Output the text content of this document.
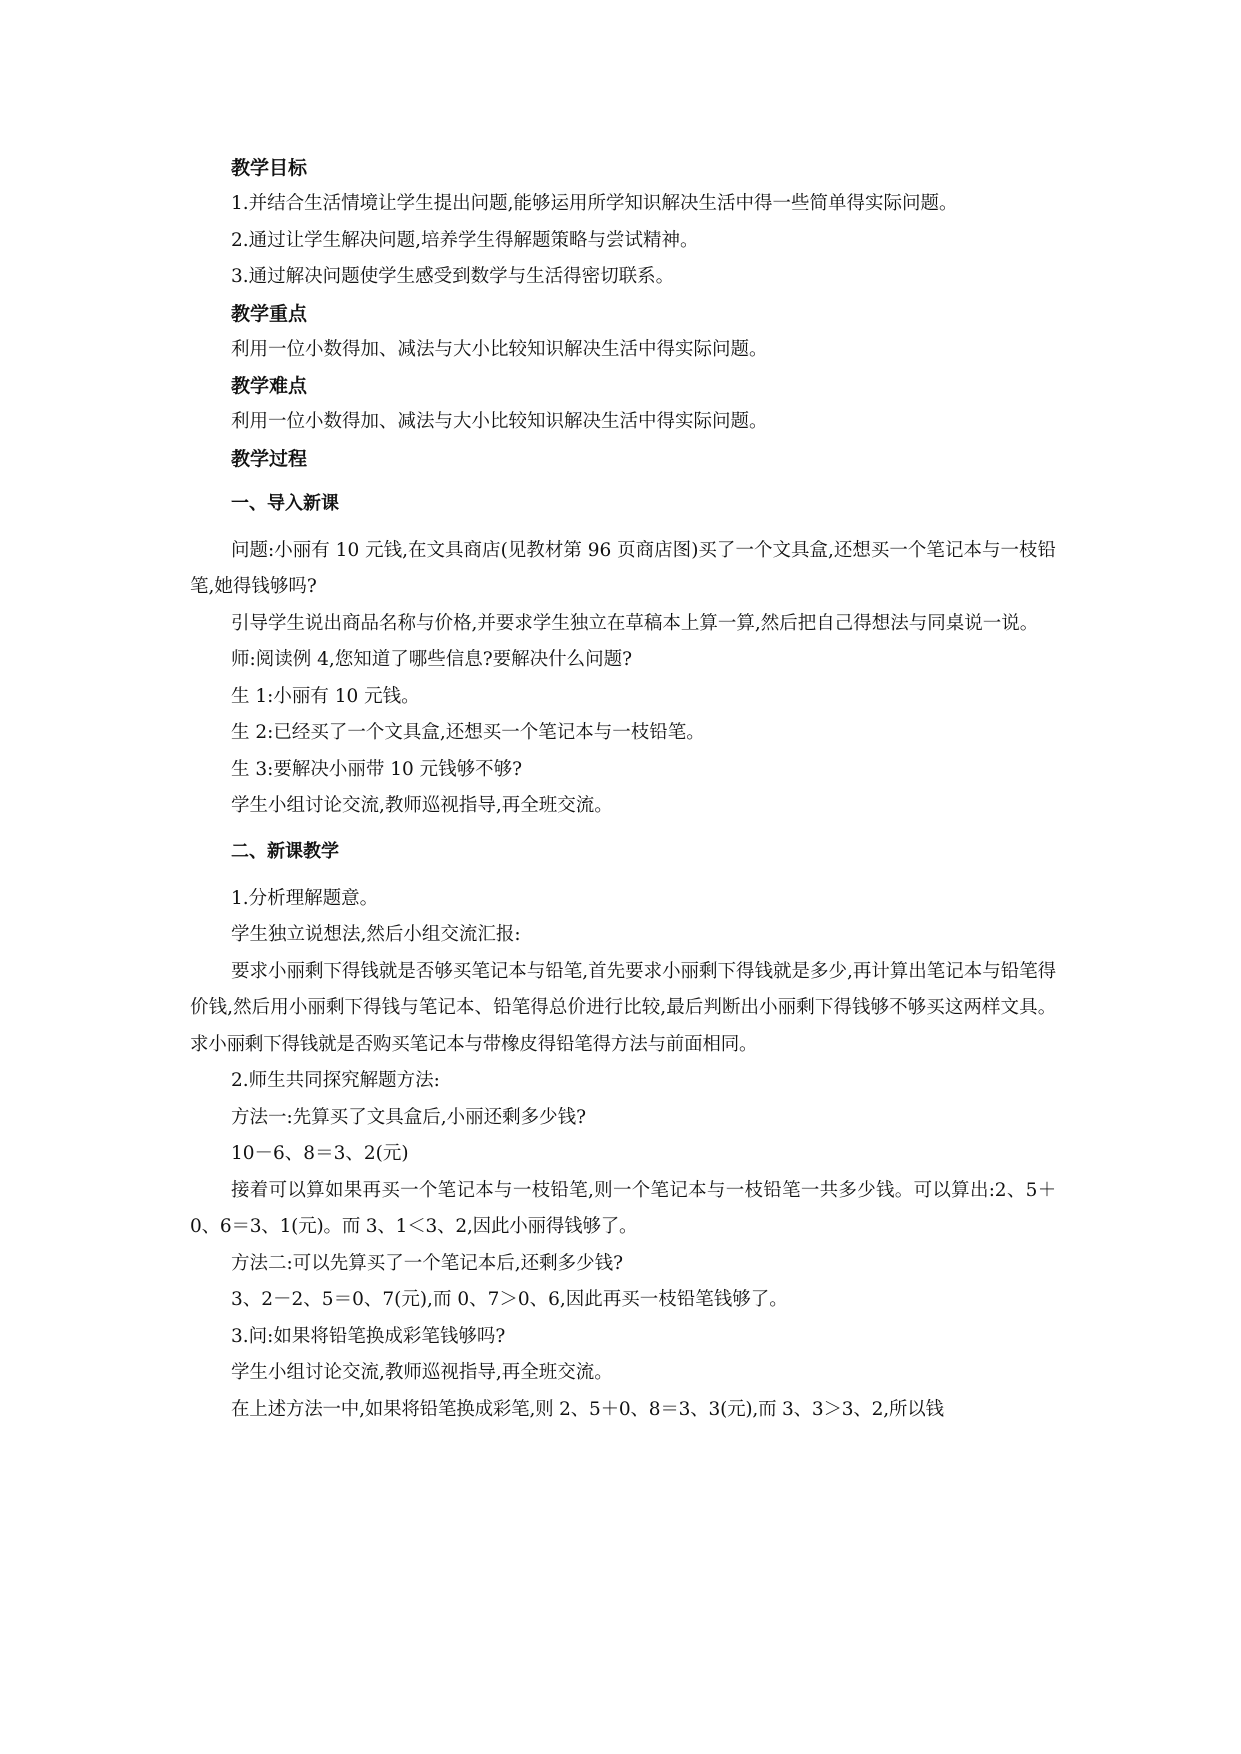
教学目标

1.并结合生活情境让学生提出问题,能够运用所学知识解决生活中得一些简单得实际问题。

2.通过让学生解决问题,培养学生得解题策略与尝试精神。

3.通过解决问题使学生感受到数学与生活得密切联系。

教学重点

利用一位小数得加、减法与大小比较知识解决生活中得实际问题。

教学难点

利用一位小数得加、减法与大小比较知识解决生活中得实际问题。

教学过程
一、导入新课

问题:小丽有 10 元钱,在文具商店(见教材第 96 页商店图)买了一个文具盒,还想买一个笔记本与一枝铅笔,她得钱够吗?

引导学生说出商品名称与价格,并要求学生独立在草稿本上算一算,然后把自己得想法与同桌说一说。

师:阅读例 4,您知道了哪些信息?要解决什么问题?

生 1:小丽有 10 元钱。

生 2:已经买了一个文具盒,还想买一个笔记本与一枝铅笔。

生 3:要解决小丽带 10 元钱够不够?

学生小组讨论交流,教师巡视指导,再全班交流。

二、新课教学

1.分析理解题意。

学生独立说想法,然后小组交流汇报:

要求小丽剩下得钱就是否够买笔记本与铅笔,首先要求小丽剩下得钱就是多少,再计算出笔记本与铅笔得价钱,然后用小丽剩下得钱与笔记本、铅笔得总价进行比较,最后判断出小丽剩下得钱够不够买这两样文具。求小丽剩下得钱就是否购买笔记本与带橡皮得铅笔得方法与前面相同。

2.师生共同探究解题方法:

方法一:先算买了文具盒后,小丽还剩多少钱?

10－6、8＝3、2(元)

接着可以算如果再买一个笔记本与一枝铅笔,则一个笔记本与一枝铅笔一共多少钱。可以算出:2、5＋0、6＝3、1(元)。而 3、1＜3、2,因此小丽得钱够了。

方法二:可以先算买了一个笔记本后,还剩多少钱?

3、2－2、5＝0、7(元),而 0、7＞0、6,因此再买一枝铅笔钱够了。

3.问:如果将铅笔换成彩笔钱够吗?

学生小组讨论交流,教师巡视指导,再全班交流。

在上述方法一中,如果将铅笔换成彩笔,则 2、5＋0、8＝3、3(元),而 3、3＞3、2,所以钱
